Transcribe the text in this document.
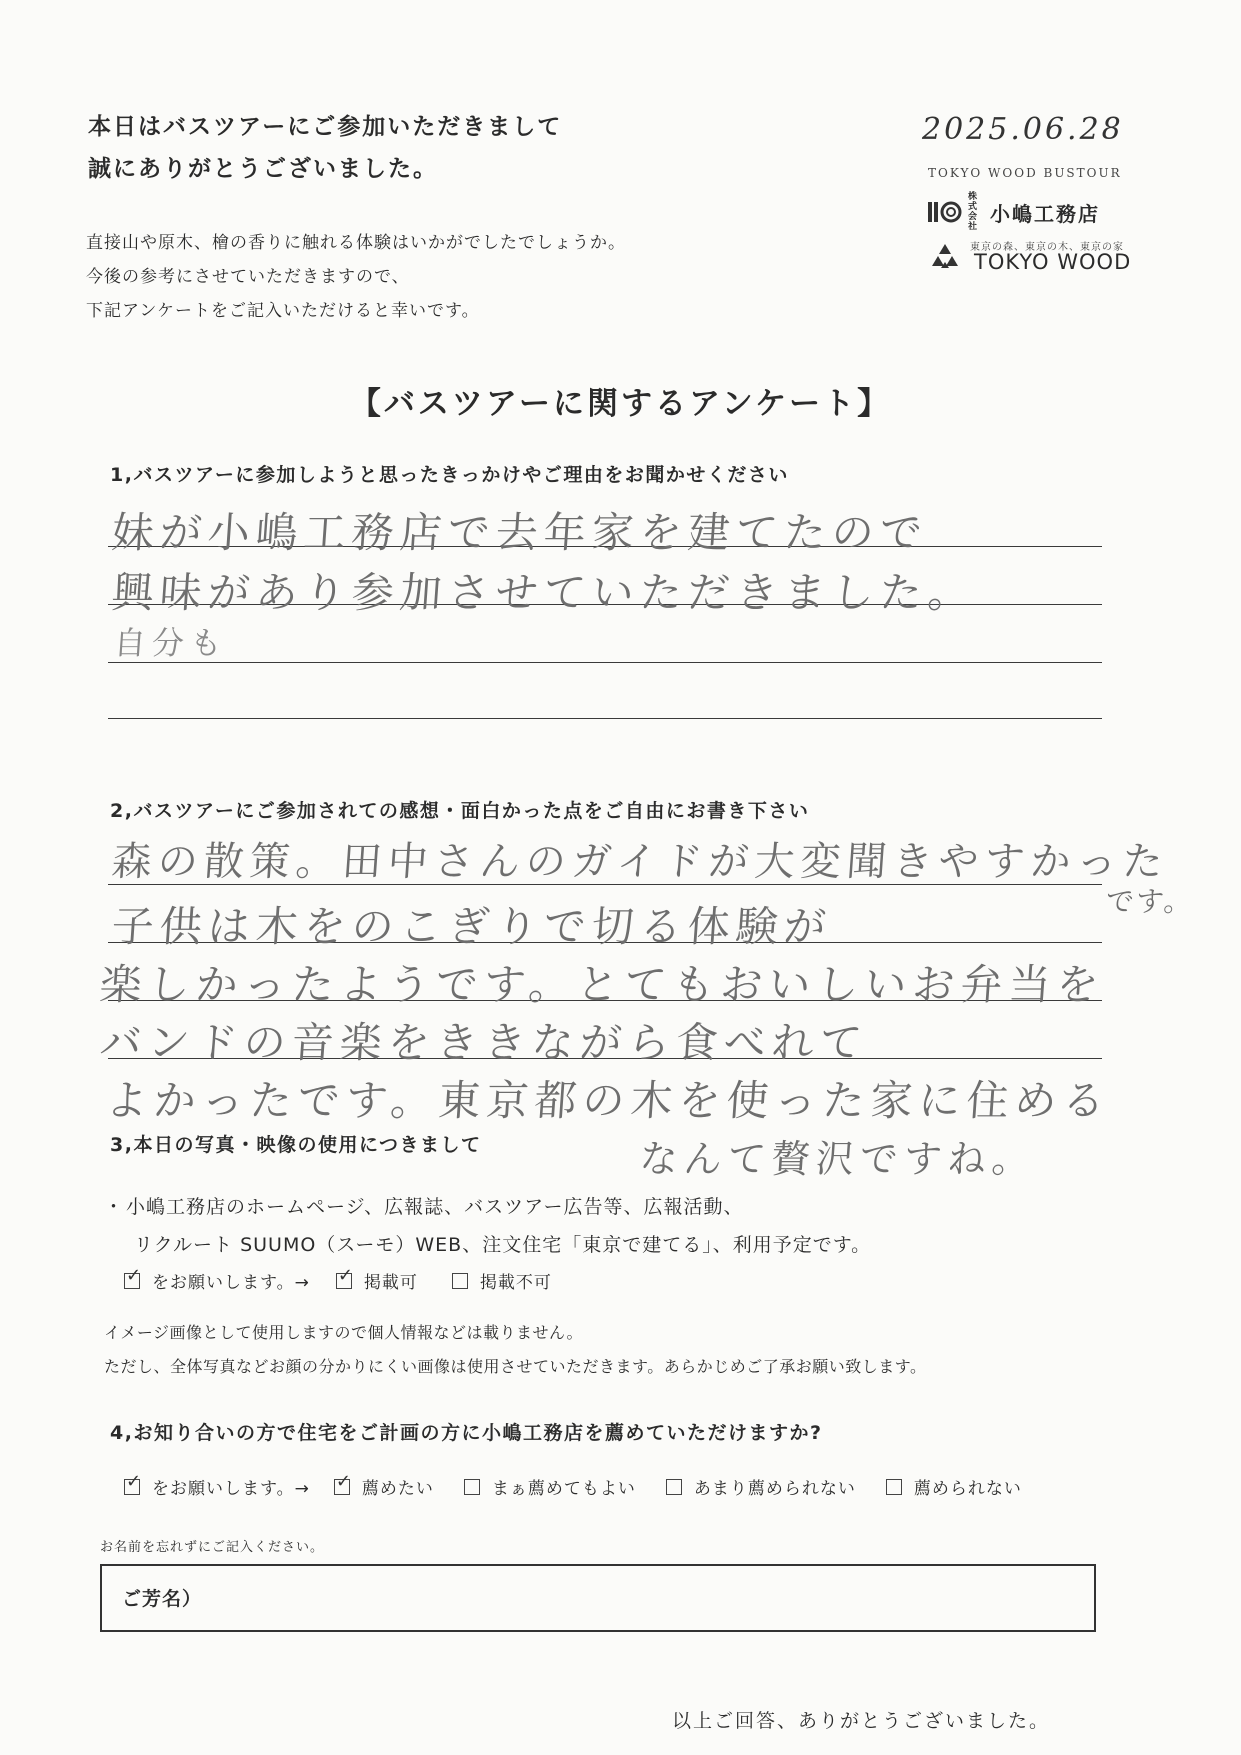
本日はバスツアーにご参加いただきまして
誠にありがとうございました。
直接山や原木、檜の香りに触れる体験はいかがでしたでしょうか。
今後の参考にさせていただきますので、
下記アンケートをご記入いただけると幸いです。
2025.06.28
TOKYO WOOD BUSTOUR
株式会社
小嶋工務店
東京の森、東京の木、東京の家
TOKYO WOOD
【バスツアーに関するアンケート】
1,バスツアーに参加しようと思ったきっかけやご理由をお聞かせください
妹が小嶋工務店で去年家を建てたので
興味があり参加させていただきました。
自分も
2,バスツアーにご参加されての感想・面白かった点をご自由にお書き下さい
森の散策。田中さんのガイドが大変聞きやすかった
です。
子供は木をのこぎりで切る体験が
楽しかったようです。とてもおいしいお弁当を
バンドの音楽をききながら食べれて
よかったです。東京都の木を使った家に住める
なんて贅沢ですね。
3,本日の写真・映像の使用につきまして
・ 小嶋工務店のホームページ、広報誌、バスツアー広告等、広報活動、
リクルート SUUMO（スーモ）WEB、注文住宅「東京で建てる」、利用予定です。
✓
をお願いします。→ ✓	掲載可	掲載不可
イメージ画像として使用しますので個人情報などは載りません。
ただし、全体写真などお顔の分かりにくい画像は使用させていただきます。あらかじめご了承お願い致します。
4,お知り合いの方で住宅をご計画の方に小嶋工務店を薦めていただけますか?
✓
をお願いします。→ ✓	薦めたい	まぁ薦めてもよい	あまり薦められない	薦められない
お名前を忘れずにご記入ください。
ご芳名）
以上ご回答、ありがとうございました。
